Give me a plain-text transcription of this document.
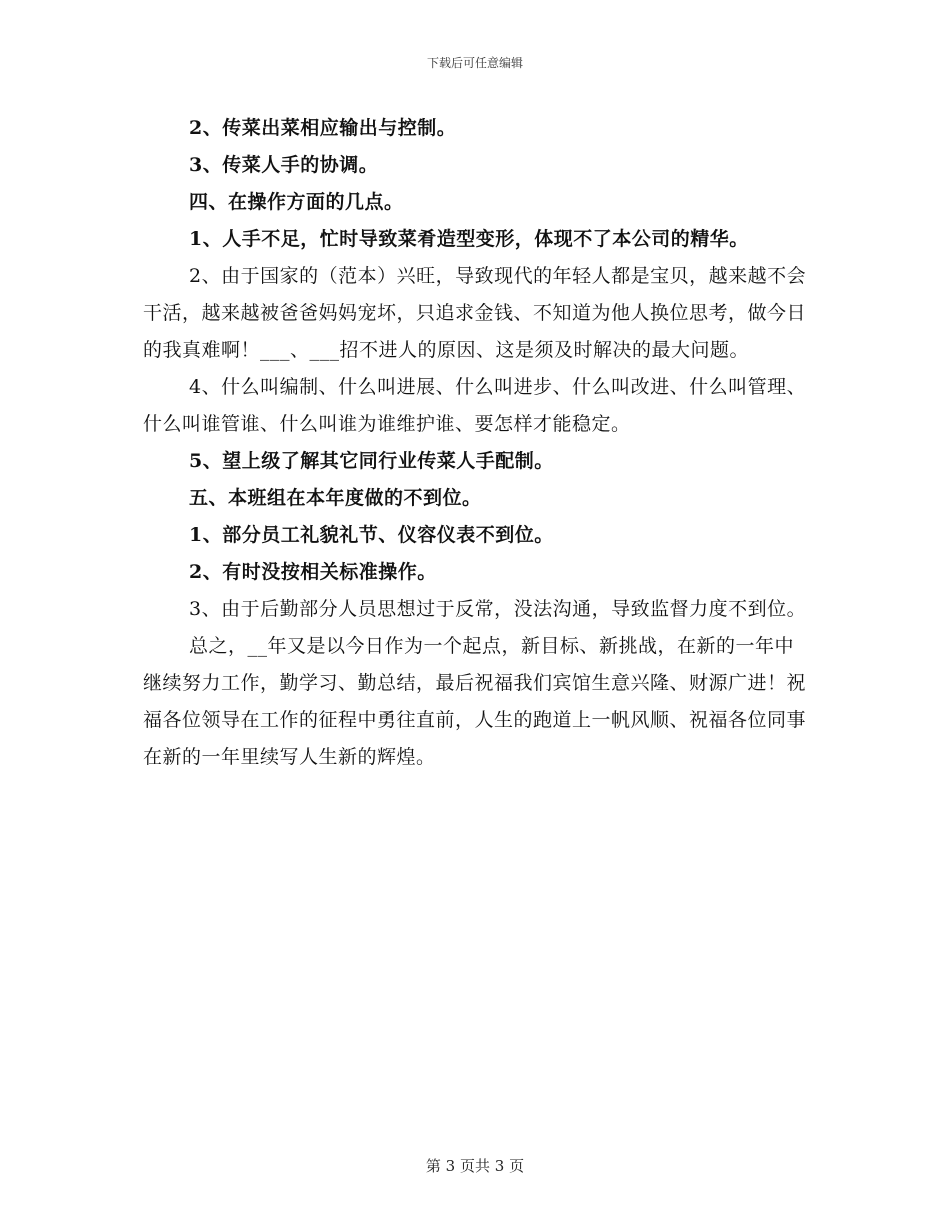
下载后可任意编辑

2、传菜出菜相应输出与控制。

3、传菜人手的协调。

四、在操作方面的几点。

1、人手不足，忙时导致菜肴造型变形，体现不了本公司的精华。

2、由于国家的（范本）兴旺，导致现代的年轻人都是宝贝，越来越不会干活，越来越被爸爸妈妈宠坏，只追求金钱、不知道为他人换位思考，做今日的我真难啊！___、___招不进人的原因、这是须及时解决的最大问题。

4、什么叫编制、什么叫进展、什么叫进步、什么叫改进、什么叫管理、什么叫谁管谁、什么叫谁为谁维护谁、要怎样才能稳定。

5、望上级了解其它同行业传菜人手配制。

五、本班组在本年度做的不到位。

1、部分员工礼貌礼节、仪容仪表不到位。

2、有时没按相关标准操作。

3、由于后勤部分人员思想过于反常，没法沟通，导致监督力度不到位。

总之，__年又是以今日作为一个起点，新目标、新挑战，在新的一年中继续努力工作，勤学习、勤总结，最后祝福我们宾馆生意兴隆、财源广进！祝福各位领导在工作的征程中勇往直前，人生的跑道上一帆风顺、祝福各位同事在新的一年里续写人生新的辉煌。

第 3 页共 3 页
